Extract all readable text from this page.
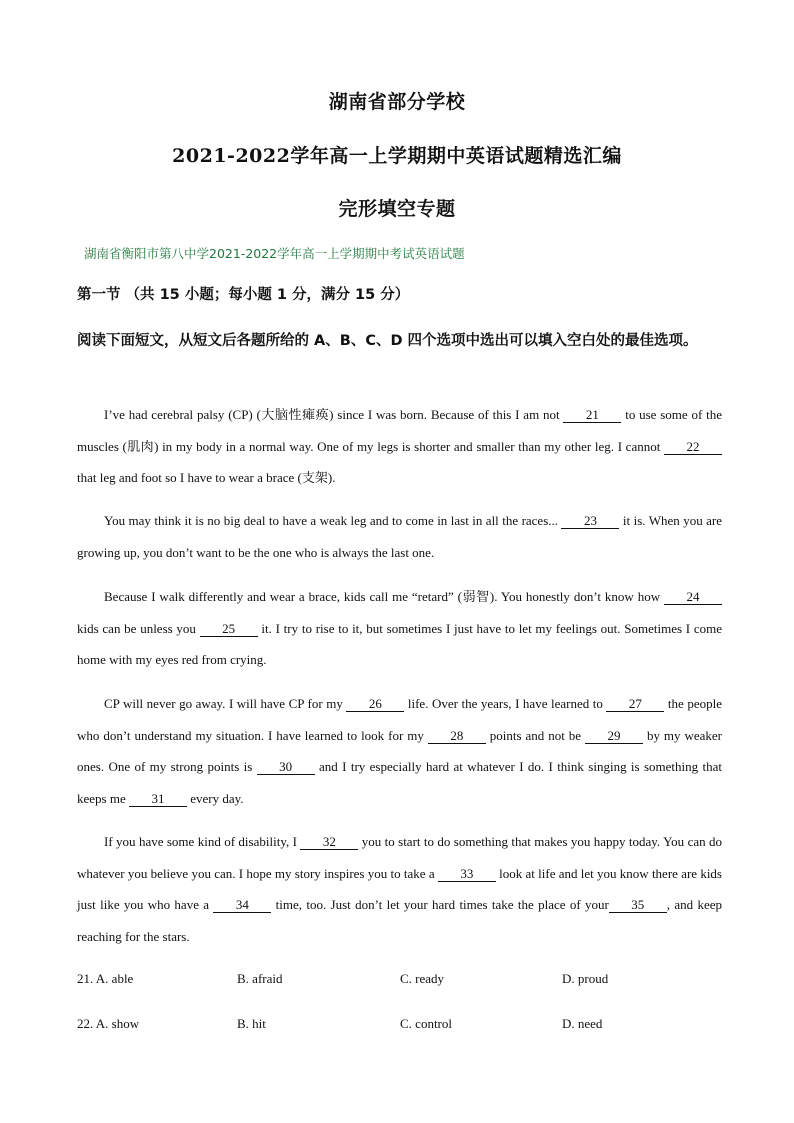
湖南省部分学校
2021-2022学年高一上学期期中英语试题精选汇编
完形填空专题
湖南省衡阳市第八中学2021-2022学年高一上学期期中考试英语试题
第一节 （共 15 小题；每小题 1 分，满分 15 分）
阅读下面短文，从短文后各题所给的 A、B、C、D 四个选项中选出可以填入空白处的最佳选项。
I’ve had cerebral palsy (CP) (大脑性瘫痪) since I was born. Because of this I am not 21 to use some of the muscles (肌肉) in my body in a normal way. One of my legs is shorter and smaller than my other leg. I cannot 22 that leg and foot so I have to wear a brace (支架).
You may think it is no big deal to have a weak leg and to come in last in all the races... 23 it is. When you are growing up, you don’t want to be the one who is always the last one.
Because I walk differently and wear a brace, kids call me “retard” (弱智). You honestly don’t know how 24 kids can be unless you 25 it. I try to rise to it, but sometimes I just have to let my feelings out. Sometimes I come home with my eyes red from crying.
CP will never go away. I will have CP for my 26 life. Over the years, I have learned to 27 the people who don’t understand my situation. I have learned to look for my 28 points and not be 29 by my weaker ones. One of my strong points is 30 and I try especially hard at whatever I do. I think singing is something that keeps me 31 every day.
If you have some kind of disability, I 32 you to start to do something that makes you happy today. You can do whatever you believe you can. I hope my story inspires you to take a 33 look at life and let you know there are kids just like you who have a 34 time, too. Just don’t let your hard times take the place of your 35 , and keep reaching for the stars.
21. A. able	B. afraid	C. ready	D. proud
22. A. show	B. hit	C. control	D. need
